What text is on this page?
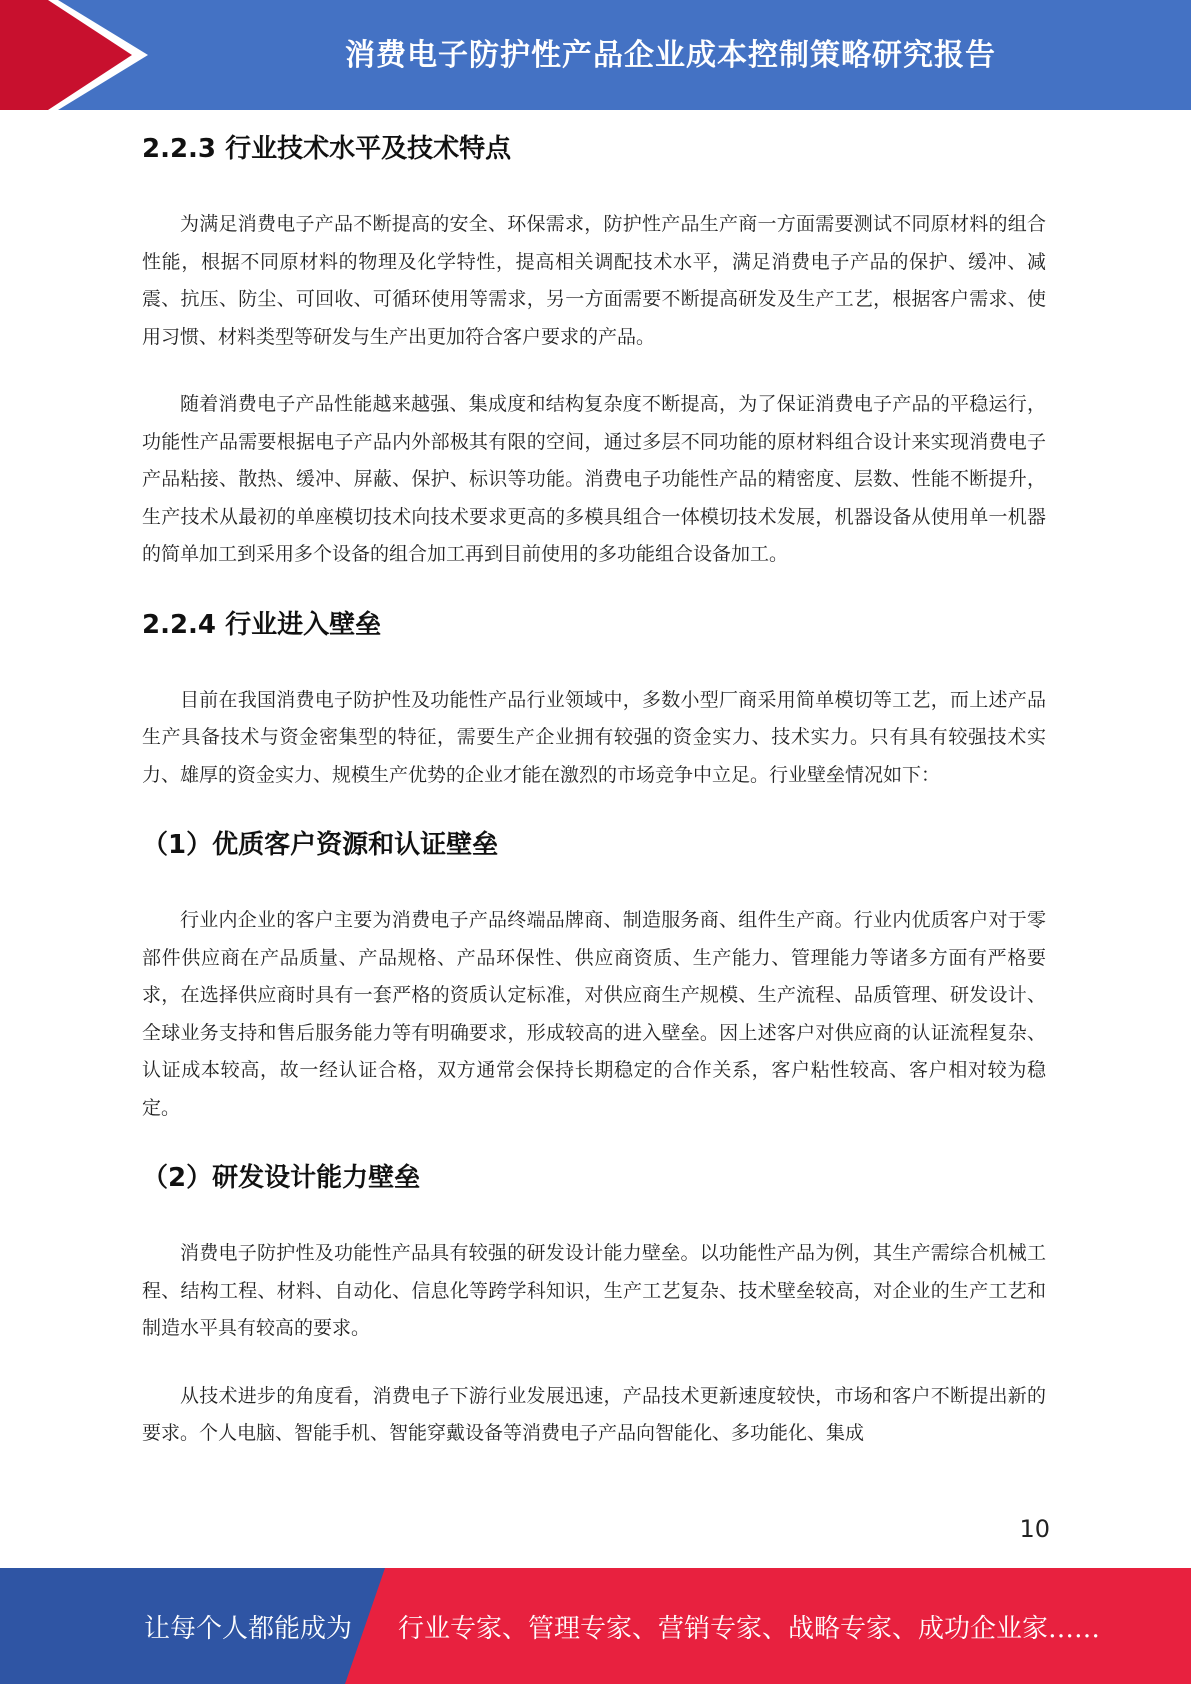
消费电子防护性产品企业成本控制策略研究报告
2.2.3 行业技术水平及技术特点

为满足消费电子产品不断提高的安全、环保需求，防护性产品生产商一方面需要测试不同原材料的组合性能，根据不同原材料的物理及化学特性，提高相关调配技术水平，满足消费电子产品的保护、缓冲、减震、抗压、防尘、可回收、可循环使用等需求，另一方面需要不断提高研发及生产工艺，根据客户需求、使用习惯、材料类型等研发与生产出更加符合客户要求的产品。

随着消费电子产品性能越来越强、集成度和结构复杂度不断提高，为了保证消费电子产品的平稳运行，功能性产品需要根据电子产品内外部极其有限的空间，通过多层不同功能的原材料组合设计来实现消费电子产品粘接、散热、缓冲、屏蔽、保护、标识等功能。消费电子功能性产品的精密度、层数、性能不断提升，生产技术从最初的单座模切技术向技术要求更高的多模具组合一体模切技术发展，机器设备从使用单一机器的简单加工到采用多个设备的组合加工再到目前使用的多功能组合设备加工。

2.2.4 行业进入壁垒

目前在我国消费电子防护性及功能性产品行业领域中，多数小型厂商采用简单模切等工艺，而上述产品生产具备技术与资金密集型的特征，需要生产企业拥有较强的资金实力、技术实力。只有具有较强技术实力、雄厚的资金实力、规模生产优势的企业才能在激烈的市场竞争中立足。行业壁垒情况如下：

（1）优质客户资源和认证壁垒

行业内企业的客户主要为消费电子产品终端品牌商、制造服务商、组件生产商。行业内优质客户对于零部件供应商在产品质量、产品规格、产品环保性、供应商资质、生产能力、管理能力等诸多方面有严格要求，在选择供应商时具有一套严格的资质认定标准，对供应商生产规模、生产流程、品质管理、研发设计、全球业务支持和售后服务能力等有明确要求，形成较高的进入壁垒。因上述客户对供应商的认证流程复杂、认证成本较高，故一经认证合格，双方通常会保持长期稳定的合作关系，客户粘性较高、客户相对较为稳定。

（2）研发设计能力壁垒

消费电子防护性及功能性产品具有较强的研发设计能力壁垒。以功能性产品为例，其生产需综合机械工程、结构工程、材料、自动化、信息化等跨学科知识，生产工艺复杂、技术壁垒较高，对企业的生产工艺和制造水平具有较高的要求。

从技术进步的角度看，消费电子下游行业发展迅速，产品技术更新速度较快，市场和客户不断提出新的要求。个人电脑、智能手机、智能穿戴设备等消费电子产品向智能化、多功能化、集成

10
让每个人都能成为 行业专家、管理专家、营销专家、战略专家、成功企业家……
